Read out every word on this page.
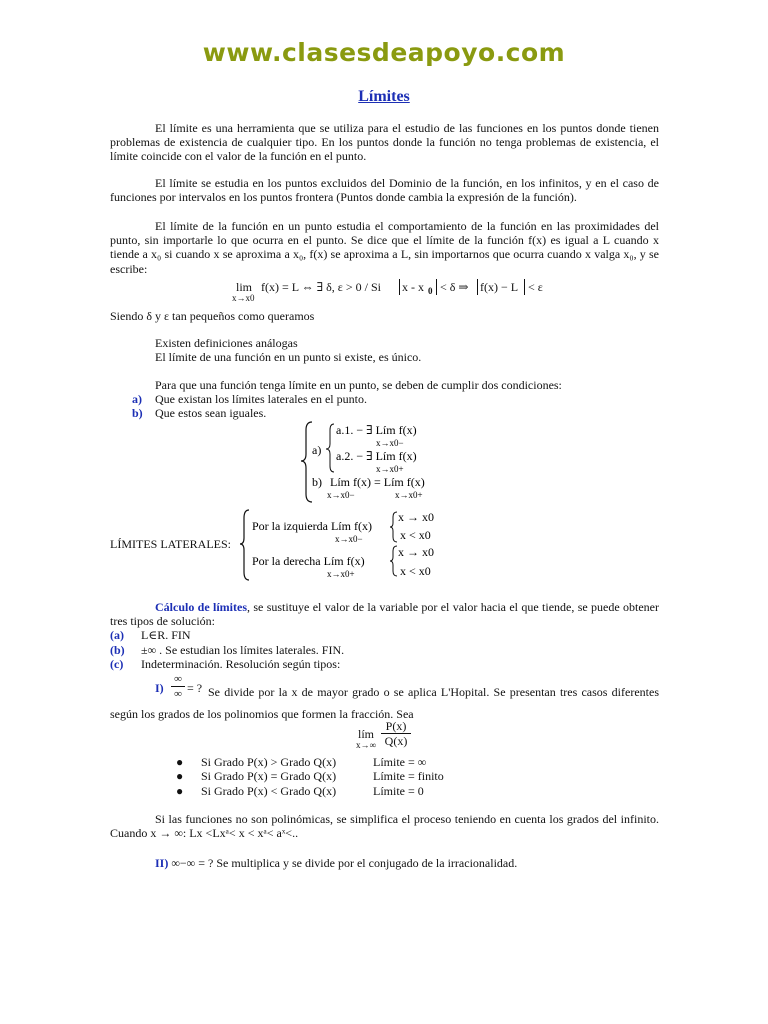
www.clasesdeapoyo.com
Límites
El límite es una herramienta que se utiliza para el estudio de las funciones en los puntos donde tienen problemas de existencia de cualquier tipo. En los puntos donde la función no tenga problemas de existencia, el límite coincide con el valor de la función en el punto.
El límite se estudia en los puntos excluidos del Dominio de la función, en los infinitos, y en el caso de funciones por intervalos en los puntos frontera (Puntos donde cambia la expresión de la función).
El límite de la función en un punto estudia el comportamiento de la función en las proximidades del punto, sin importarle lo que ocurra en el punto. Se dice que el límite de la función f(x) es igual a L cuando x tiende a x₀ si cuando x se aproxima a x₀, f(x) se aproxima a L, sin importarnos que ocurra cuando x valga x₀, y se escribe:
lim
x→x0
f(x) = L ⇔ ∃ δ, ε > 0 / Si x - x 0 < δ ⇒ f(x) − L < ε
Siendo δ y ε tan pequeños como queramos
Existen definiciones análogas
El límite de una función en un punto si existe, es único.
Para que una función tenga límite en un punto, se deben de cumplir dos condiciones:
a) Que existan los límites laterales en el punto.
b) Que estos sean iguales.
a)
a.1. − ∃ Lím f(x)
x→x0−
a.2. − ∃ Lím f(x)
x→x0+
b) Lím f(x) = Lím f(x)
x→x0−	x→x0+
LÍMITES LATERALES:
Por la izquierda Lím f(x)
x→x0−
Por la derecha Lím f(x)
x→x0+
x → x0
x < x0
x → x0
x < x0
Cálculo de límites, se sustituye el valor de la variable por el valor hacia el que tiende, se puede obtener tres tipos de solución:
(a) L∈R. FIN
(b) ±∞ . Se estudian los límites laterales. FIN.
(c) Indeterminación. Resolución según tipos:
I)
∞
∞ = ? Se divide por la x de mayor grado o se aplica L'Hopital. Se presentan tres casos diferentes según los grados de los polinomios que formen la fracción. Sea
lím
x→∞
P(x)
Q(x)
● Si Grado P(x) > Grado Q(x)	Límite = ∞
● Si Grado P(x) = Grado Q(x)	Límite = finito
● Si Grado P(x) < Grado Q(x)	Límite = 0
Si las funciones no son polinómicas, se simplifica el proceso teniendo en cuenta los grados del infinito. Cuando x → ∞: Lx <Lxᵃ< x < xᵃ< aˣ<..
II) ∞−∞ = ? Se multiplica y se divide por el conjugado de la irracionalidad.
